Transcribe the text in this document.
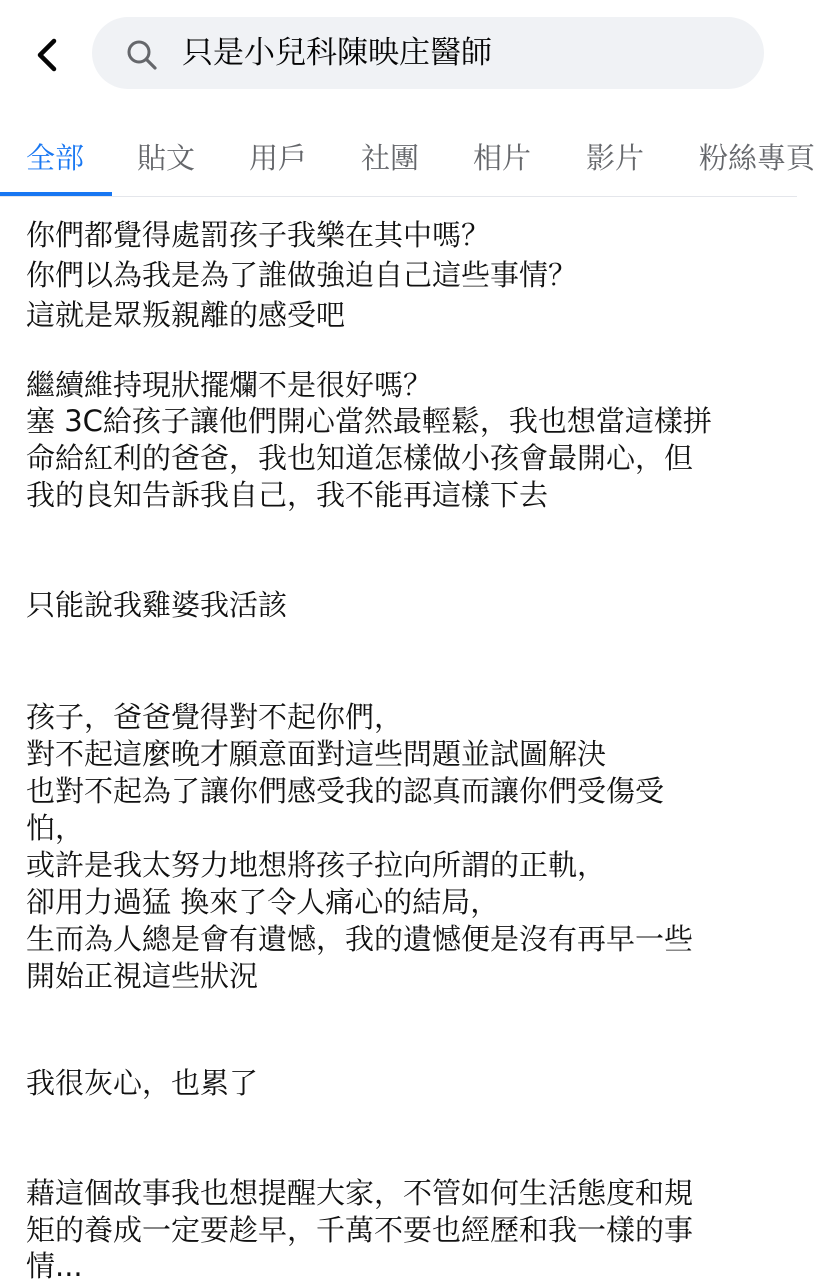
只是小兒科陳映庄醫師
全部 貼文 用戶 社團 相片 影片 粉絲專頁
你們都覺得處罰孩子我樂在其中嗎？
你們以為我是為了誰做強迫自己這些事情？
這就是眾叛親離的感受吧
繼續維持現狀擺爛不是很好嗎？
塞 3C給孩子讓他們開心當然最輕鬆，我也想當這樣拼
命給紅利的爸爸，我也知道怎樣做小孩會最開心，但
我的良知告訴我自己，我不能再這樣下去
只能說我雞婆我活該
孩子，爸爸覺得對不起你們，
對不起這麼晚才願意面對這些問題並試圖解決
也對不起為了讓你們感受我的認真而讓你們受傷受
怕，
或許是我太努力地想將孩子拉向所謂的正軌，
卻用力過猛 換來了令人痛心的結局，
生而為人總是會有遺憾，我的遺憾便是沒有再早一些
開始正視這些狀況
我很灰心，也累了
藉這個故事我也想提醒大家，不管如何生活態度和規
矩的養成一定要趁早，千萬不要也經歷和我一樣的事
情...
